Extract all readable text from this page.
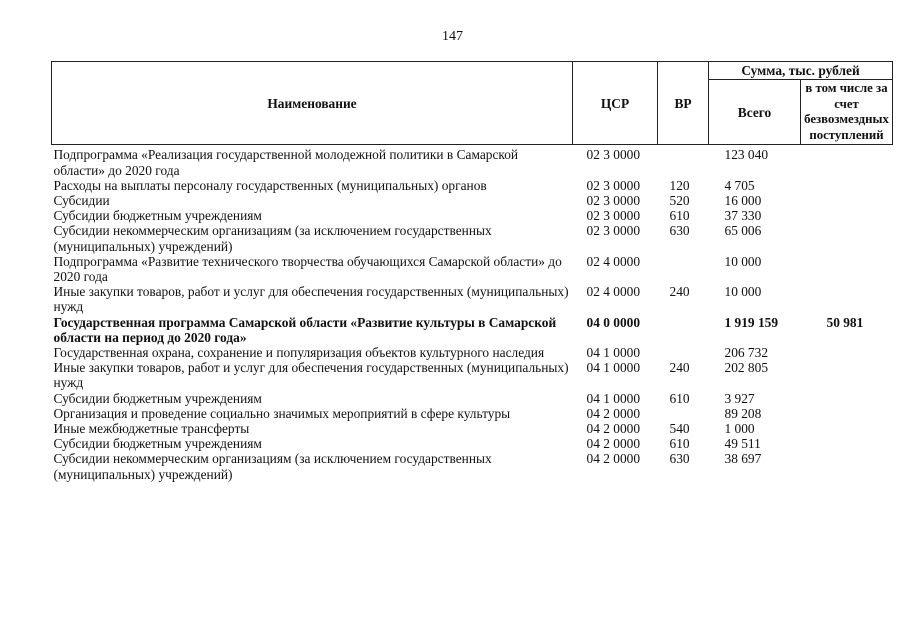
147
Наименование	ЦСР	ВР	Сумма, тыс. рублей	
			Всего	в том числе за счет безвозмездных поступлений
Подпрограмма «Реализация государственной молодежной политики в Самарской области» до 2020 года	02 3 0000		123 040	
Расходы на выплаты персоналу государственных (муниципальных) органов	02 3 0000	120	4 705	
Субсидии	02 3 0000	520	16 000	
Субсидии бюджетным учреждениям	02 3 0000	610	37 330	
Субсидии некоммерческим организациям (за исключением государственных (муниципальных) учреждений)	02 3 0000	630	65 006	
Подпрограмма «Развитие технического творчества обучающихся Самарской области» до 2020 года	02 4 0000		10 000	
Иные закупки товаров, работ и услуг для обеспечения государственных (муниципальных) нужд	02 4 0000	240	10 000	
Государственная программа Самарской области «Развитие культуры в Самарской области на период до 2020 года»	04 0 0000		1 919 159	50 981
Государственная охрана, сохранение и популяризация объектов культурного наследия	04 1 0000		206 732	
Иные закупки товаров, работ и услуг для обеспечения государственных (муниципальных) нужд	04 1 0000	240	202 805	
Субсидии бюджетным учреждениям	04 1 0000	610	3 927	
Организация и проведение социально значимых мероприятий в сфере культуры	04 2 0000		89 208	
Иные межбюджетные трансферты	04 2 0000	540	1 000	
Субсидии бюджетным учреждениям	04 2 0000	610	49 511	
Субсидии некоммерческим организациям (за исключением государственных (муниципальных) учреждений)	04 2 0000	630	38 697	
